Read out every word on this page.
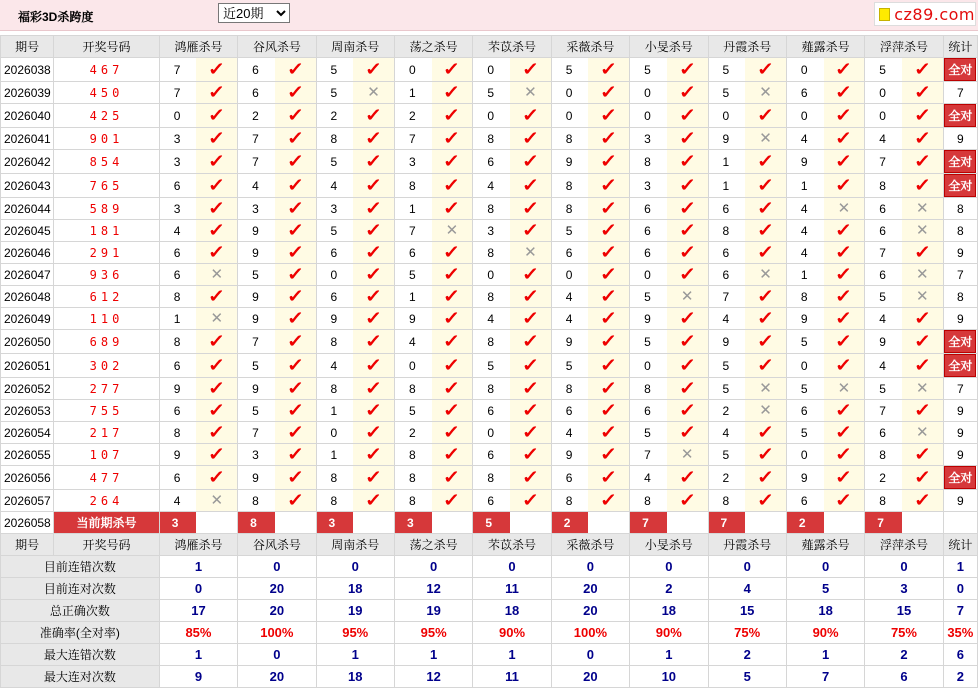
福彩3D杀跨度
近20期	cz89.com
期号	开奖号码	鸿雁杀号		谷风杀号		周南杀号		荡之杀号		芣苡杀号		采薇杀号		小旻杀号		丹霞杀号		薤露杀号		浮萍杀号		统计
2026038	467	7	✓	6	✓	5	✓	0	✓	0	✓	5	✓	5	✓	5	✓	0	✓	5	✓	全对
2026039	450	7	✓	6	✓	5	✕	1	✓	5	✕	0	✓	0	✓	5	✕	6	✓	0	✓	7
2026040	425	0	✓	2	✓	2	✓	2	✓	0	✓	0	✓	0	✓	0	✓	0	✓	0	✓	全对
2026041	901	3	✓	7	✓	8	✓	7	✓	8	✓	8	✓	3	✓	9	✕	4	✓	4	✓	9
2026042	854	3	✓	7	✓	5	✓	3	✓	6	✓	9	✓	8	✓	1	✓	9	✓	7	✓	全对
2026043	765	6	✓	4	✓	4	✓	8	✓	4	✓	8	✓	3	✓	1	✓	1	✓	8	✓	全对
2026044	589	3	✓	3	✓	3	✓	1	✓	8	✓	8	✓	6	✓	6	✓	4	✕	6	✕	8
2026045	181	4	✓	9	✓	5	✓	7	✕	3	✓	5	✓	6	✓	8	✓	4	✓	6	✕	8
2026046	291	6	✓	9	✓	6	✓	6	✓	8	✕	6	✓	6	✓	6	✓	4	✓	7	✓	9
2026047	936	6	✕	5	✓	0	✓	5	✓	0	✓	0	✓	0	✓	6	✕	1	✓	6	✕	7
2026048	612	8	✓	9	✓	6	✓	1	✓	8	✓	4	✓	5	✕	7	✓	8	✓	5	✕	8
2026049	110	1	✕	9	✓	9	✓	9	✓	4	✓	4	✓	9	✓	4	✓	9	✓	4	✓	9
2026050	689	8	✓	7	✓	8	✓	4	✓	8	✓	9	✓	5	✓	9	✓	5	✓	9	✓	全对
2026051	302	6	✓	5	✓	4	✓	0	✓	5	✓	5	✓	0	✓	5	✓	0	✓	4	✓	全对
2026052	277	9	✓	9	✓	8	✓	8	✓	8	✓	8	✓	8	✓	5	✕	5	✕	5	✕	7
2026053	755	6	✓	5	✓	1	✓	5	✓	6	✓	6	✓	6	✓	2	✕	6	✓	7	✓	9
2026054	217	8	✓	7	✓	0	✓	2	✓	0	✓	4	✓	5	✓	4	✓	5	✓	6	✕	9
2026055	107	9	✓	3	✓	1	✓	8	✓	6	✓	9	✓	7	✕	5	✓	0	✓	8	✓	9
2026056	477	6	✓	9	✓	8	✓	8	✓	8	✓	6	✓	4	✓	2	✓	9	✓	2	✓	全对
2026057	264	4	✕	8	✓	8	✓	8	✓	6	✓	8	✓	8	✓	8	✓	6	✓	8	✓	9
2026058	当前期杀号	3		8		3		3		5		2		7		7		2		7		
期号	开奖号码	鸿雁杀号		谷风杀号		周南杀号		荡之杀号		芣苡杀号		采薇杀号		小旻杀号		丹霞杀号		薤露杀号		浮萍杀号		统计
目前连错次数		1		0		0		0		0		0		0		0		0		0		1
目前连对次数		0		20		18		12		11		20		2		4		5		3		0
总正确次数		17		20		19		19		18		20		18		15		18		15		7
准确率(全对率)		85%		100%		95%		95%		90%		100%		90%		75%		90%		75%		35%
最大连错次数		1		0		1		1		1		0		1		2		1		2		6
最大连对次数		9		20		18		12		11		20		10		5		7		6		2
